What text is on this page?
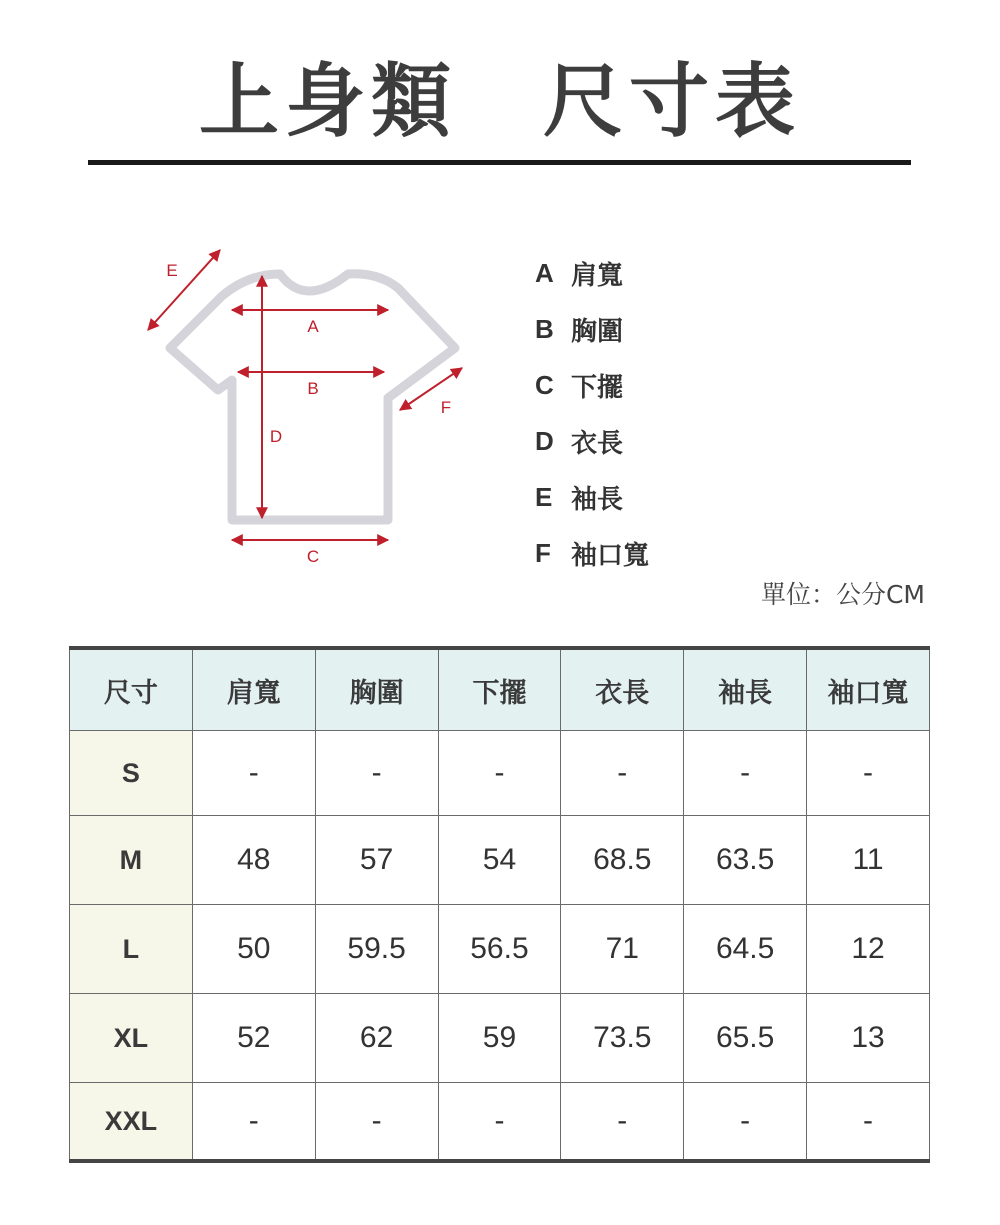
上身類　尺寸表
A
B
C
D
E
F
A 肩寬
B 胸圍
C 下擺
D 衣長
E 袖長
F 袖口寬
單位：公分CM
尺寸	肩寬	胸圍	下擺	衣長	袖長	袖口寬
S	-	-	-	-	-	-
M	48	57	54	68.5	63.5	11
L	50	59.5	56.5	71	64.5	12
XL	52	62	59	73.5	65.5	13
XXL	-	-	-	-	-	-
